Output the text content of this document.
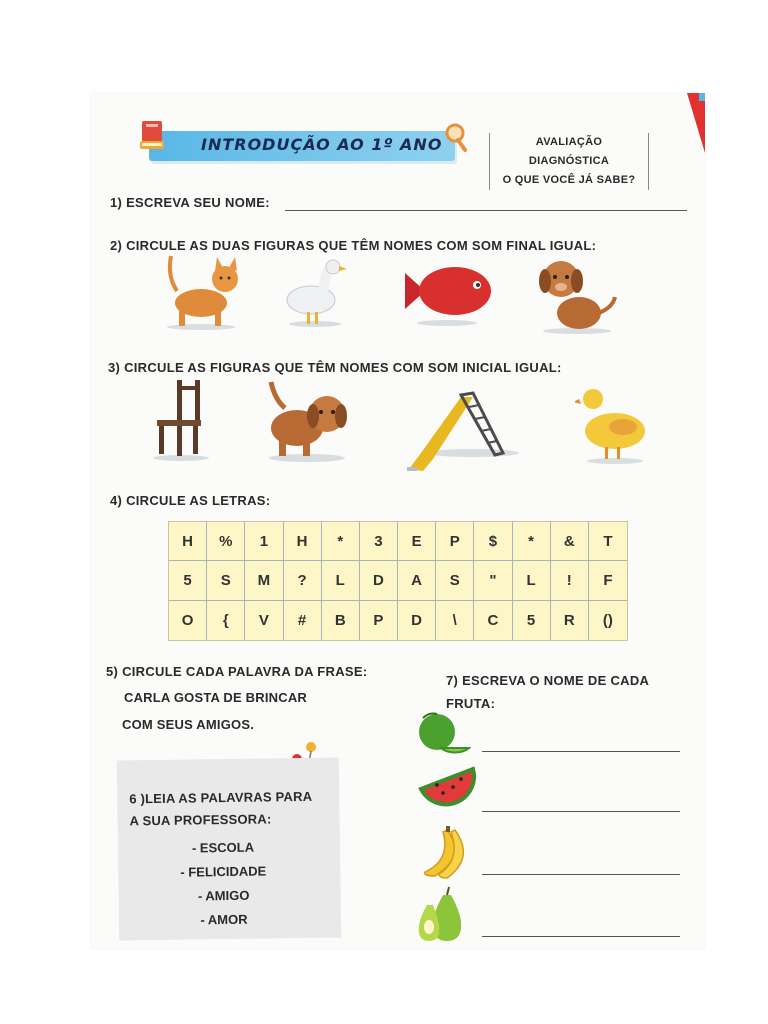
INTRODUÇÃO AO 1º ANO	AVALIAÇÃO DIAGNÓSTICA
O QUE VOCÊ JÁ SABE?
1) ESCREVA SEU NOME:
2) CIRCULE AS DUAS FIGURAS QUE TÊM NOMES COM SOM FINAL IGUAL:
3) CIRCULE AS FIGURAS QUE TÊM NOMES COM SOM INICIAL IGUAL:
4) CIRCULE AS LETRAS:
H	%	1	H	*	3	E	P	$	*	&	T
5	S	M	?	L	D	A	S	"	L	!	F
O	{	V	#	B	P	D	\	C	5	R	()
5) CIRCULE CADA PALAVRA DA FRASE:
CARLA GOSTA DE BRINCAR
COM SEUS AMIGOS.
6 )LEIA AS PALAVRAS PARA
A SUA PROFESSORA:
- ESCOLA
- FELICIDADE
- AMIGO
- AMOR
7) ESCREVA O NOME DE CADA
FRUTA:
